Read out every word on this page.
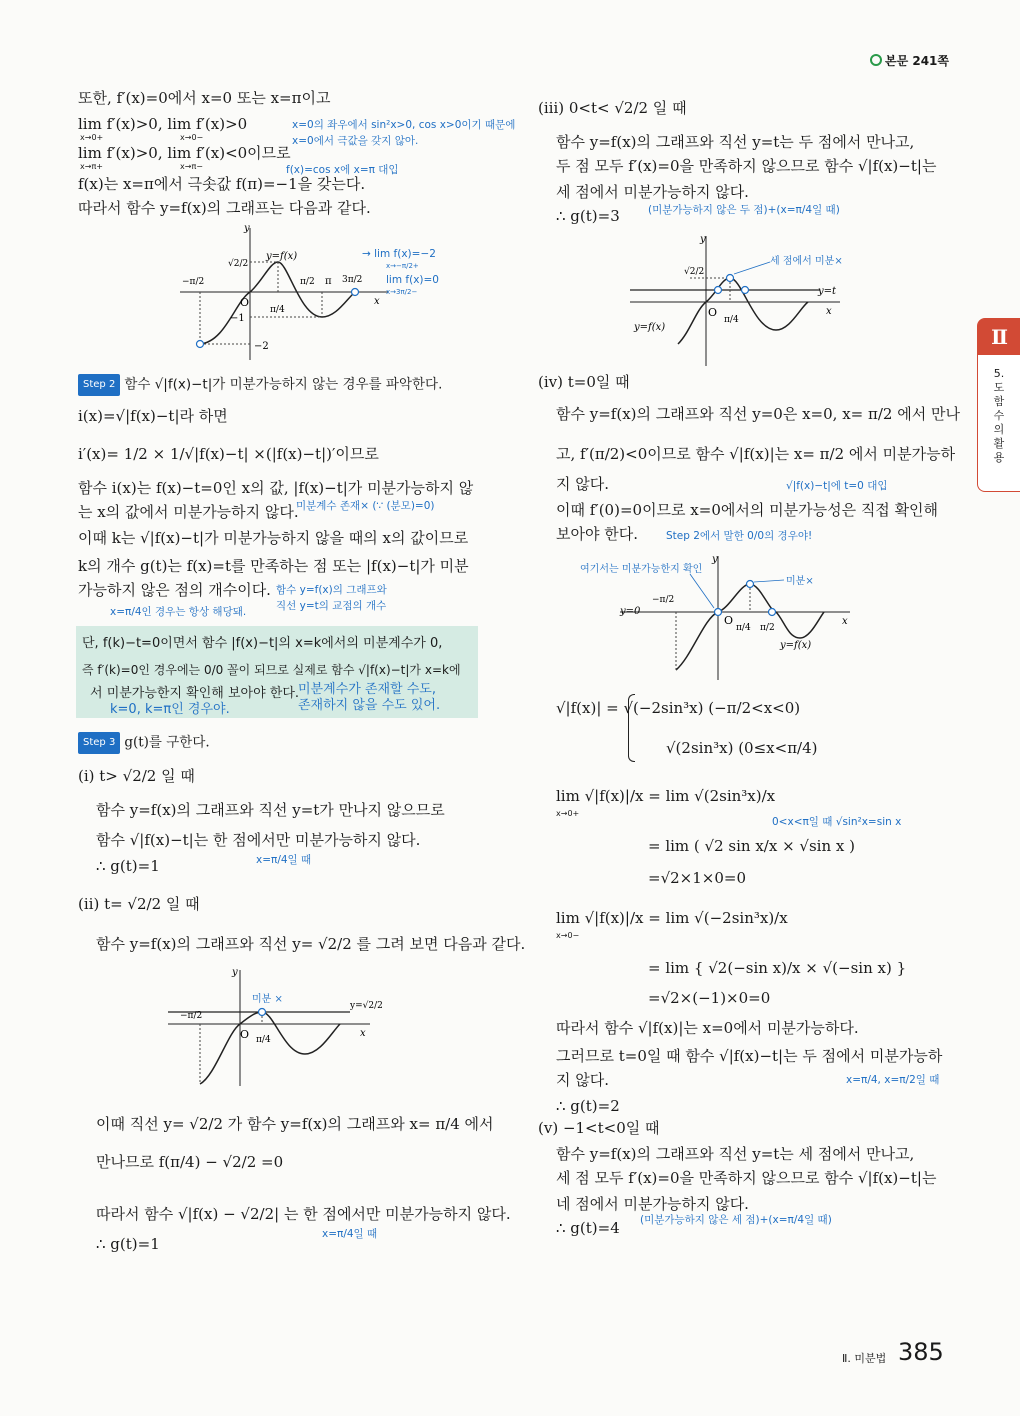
본문 241쪽
Ⅱ
5.도함수의활용
또한, f′(x)=0에서 x=0 또는 x=π이고
lim f′(x)>0, lim f′(x)>0
x→0+	x→0−
x=0의 좌우에서 sin²x>0, cos x>0이기 때문에
x=0에서 극값을 갖지 않아.
lim f′(x)>0, lim f′(x)<0이므로
x→π+	x→π−	f(x)=cos x에 x=π 대입
f(x)는 x=π에서 극솟값 f(π)=−1을 갖는다.
따라서 함수 y=f(x)의 그래프는 다음과 같다.
y
x
O
y=f(x)
√2/2
−π/2	π/2 π 3π/2
π/4
−1
−2
→ lim f(x)=−2
x→−π/2+
lim f(x)=0
x→3π/2−
Step 2 함수 √|f(x)−t|가 미분가능하지 않는 경우를 파악한다.
i(x)=√|f(x)−t|라 하면
i′(x)= 1/2 × 1/√|f(x)−t| ×(|f(x)−t|)′이므로
함수 i(x)는 f(x)−t=0인 x의 값, |f(x)−t|가 미분가능하지 않
미분계수 존재× (∵ (분모)=0)
는 x의 값에서 미분가능하지 않다.
이때 k는 √|f(x)−t|가 미분가능하지 않을 때의 x의 값이므로
k의 개수 g(t)는 f(x)=t를 만족하는 점 또는 |f(x)−t|가 미분
가능하지 않은 점의 개수이다. 함수 y=f(x)의 그래프와
직선 y=t의 교점의 개수
x=π/4인 경우는 항상 해당돼.
단, f(k)−t=0이면서 함수 |f(x)−t|의 x=k에서의 미분계수가 0,
즉 f′(k)=0인 경우에는 0/0 꼴이 되므로 실제로 함수 √|f(x)−t|가 x=k에
서 미분가능한지 확인해 보아야 한다.
미분계수가 존재할 수도,
존재하지 않을 수도 있어.
k=0, k=π인 경우야.
Step 3 g(t)를 구한다.
(ⅰ) t> √2/2 일 때
함수 y=f(x)의 그래프와 직선 y=t가 만나지 않으므로
함수 √|f(x)−t|는 한 점에서만 미분가능하지 않다.
x=π/4일 때
∴ g(t)=1
(ⅱ) t= √2/2 일 때
함수 y=f(x)의 그래프와 직선 y= √2/2 를 그려 보면 다음과 같다.
y
x
O
−π/2
π/4
y=√2/2
미분 ×
이때 직선 y= √2/2 가 함수 y=f(x)의 그래프와 x= π/4 에서
만나므로 f(π/4) − √2/2 =0
따라서 함수 √|f(x) − √2/2| 는 한 점에서만 미분가능하지 않다.
x=π/4일 때
∴ g(t)=1
(ⅲ) 0<t< √2/2 일 때
함수 y=f(x)의 그래프와 직선 y=t는 두 점에서 만나고,
두 점 모두 f′(x)=0을 만족하지 않으므로 함수 √|f(x)−t|는
세 점에서 미분가능하지 않다.
(미분가능하지 않은 두 점)+(x=π/4일 때)
∴ g(t)=3
y
x
O
√2/2
π/4
y=t
y=f(x)
세 점에서 미분×
(ⅳ) t=0일 때
함수 y=f(x)의 그래프와 직선 y=0은 x=0, x= π/2 에서 만나
고, f′(π/2)<0이므로 함수 √|f(x)|는 x= π/2 에서 미분가능하
지 않다.	√|f(x)−t|에 t=0 대입
이때 f′(0)=0이므로 x=0에서의 미분가능성은 직접 확인해
보아야 한다.	Step 2에서 말한 0/0의 경우야!
y
x
O
−π/2
π/4 π/2
y=0
y=f(x)
여기서는 미분가능한지 확인
미분×
√|f(x)| = √(−2sin³x) (−π/2<x<0)
√(2sin³x) (0≤x<π/4)
lim √|f(x)|/x = lim √(2sin³x)/x
x→0+
0<x<π일 때 √sin²x=sin x
= lim ( √2 sin x/x × √sin x )
=√2×1×0=0
lim √|f(x)|/x = lim √(−2sin³x)/x
x→0−
= lim { √2(−sin x)/x × √(−sin x) }
=√2×(−1)×0=0
따라서 함수 √|f(x)|는 x=0에서 미분가능하다.
그러므로 t=0일 때 함수 √|f(x)−t|는 두 점에서 미분가능하
지 않다.	x=π/4, x=π/2일 때
∴ g(t)=2
(ⅴ) −1<t<0일 때
함수 y=f(x)의 그래프와 직선 y=t는 세 점에서 만나고,
세 점 모두 f′(x)=0을 만족하지 않으므로 함수 √|f(x)−t|는
네 점에서 미분가능하지 않다.
(미분가능하지 않은 세 점)+(x=π/4일 때)
∴ g(t)=4
Ⅱ. 미분법 385
